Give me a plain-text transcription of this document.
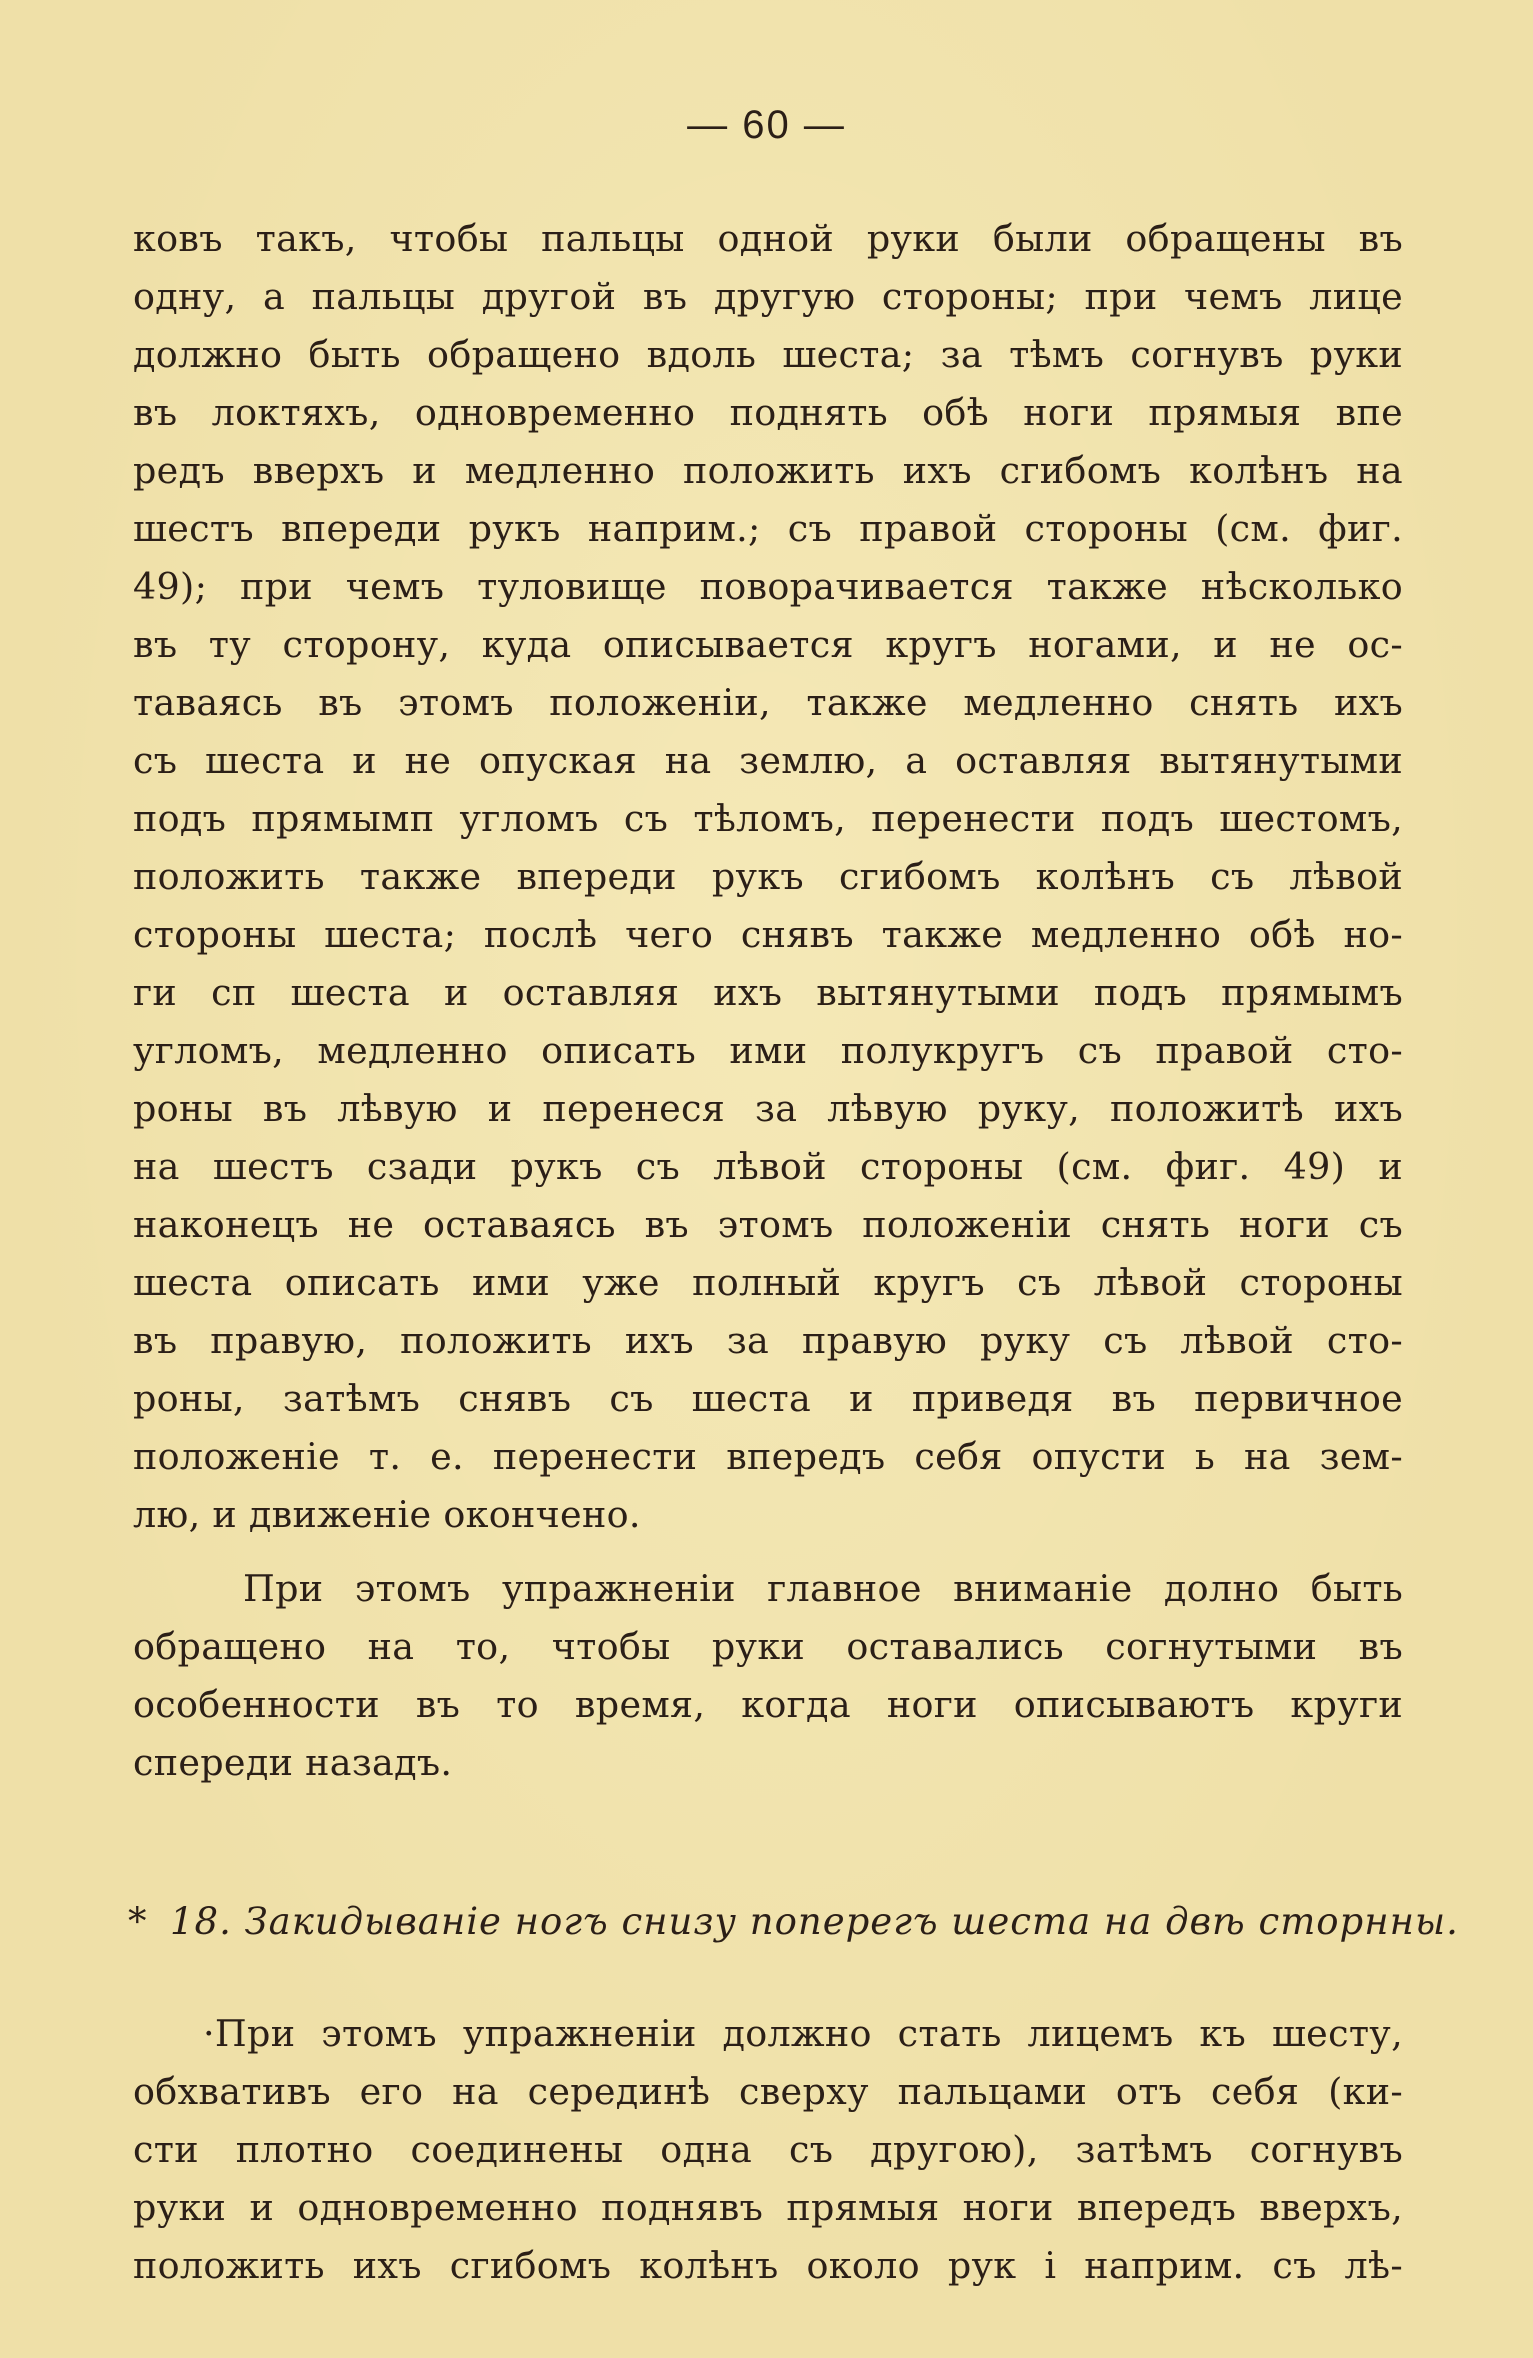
— 60 —
ковъ такъ, чтобы пальцы одной руки были обращены въ
одну, а пальцы другой въ другую стороны; при чемъ лице
должно быть обращено вдоль шеста; за тѣмъ согнувъ руки
въ локтяхъ, одновременно поднять обѣ ноги прямыя впе
редъ вверхъ и медленно положить ихъ сгибомъ колѣнъ на
шестъ впереди рукъ наприм.; съ правой стороны (см. фиг.
49); при чемъ туловище поворачивается также нѣсколько
въ ту сторону, куда описывается кругъ ногами, и не ос-
таваясь въ этомъ положенiи, также медленно снять ихъ
съ шеста и не опуская на землю, а оставляя вытянутыми
подъ прямымп угломъ съ тѣломъ, перенести подъ шестомъ,
положить также впереди рукъ сгибомъ колѣнъ съ лѣвой
стороны шеста; послѣ чего снявъ также медленно обѣ но-
ги сп шеста и оставляя ихъ вытянутыми подъ прямымъ
угломъ, медленно описать ими полукругъ съ правой сто-
роны въ лѣвую и перенеся за лѣвую руку, положитѣ ихъ
на шестъ сзади рукъ съ лѣвой стороны (см. фиг. 49) и
наконецъ не оставаясь въ этомъ положенiи снять ноги съ
шеста описать ими уже полный кругъ съ лѣвой стороны
въ правую, положить ихъ за правую руку съ лѣвой сто-
роны, затѣмъ снявъ съ шеста и приведя въ первичное
положенiе т. е. перенести впередъ себя опусти ь на зем-
лю, и движенiе окончено.
При этомъ упражненiи главное вниманiе долно быть
обращено на то, чтобы руки оставались согнутыми въ
особенности въ то время, когда ноги описываютъ круги
спереди назадъ.
* 18. Закидыванiе ногъ снизу поперегъ шеста на двѣ сторнны.
·При этомъ упражненiи должно стать лицемъ къ шесту,
обхвативъ его на серединѣ сверху пальцами отъ себя (ки-
сти плотно соединены одна съ другою), затѣмъ согнувъ
руки и одновременно поднявъ прямыя ноги впередъ вверхъ,
положить ихъ сгибомъ колѣнъ около рук і наприм. съ лѣ-
